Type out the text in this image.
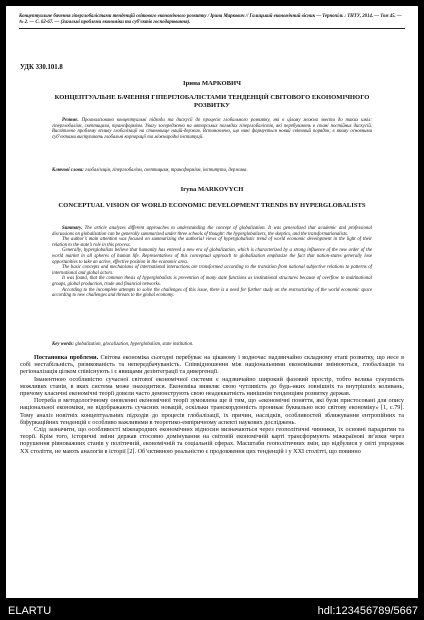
Концептуальне бачення гіперглобалістами тенденцій світового економічного розвитку / Ірина Маркович // Галицький економічний вісник — Тернопіль : ТНТУ, 2014. — Том 45. — № 2. — С. 62-67. — (Загальні проблеми економіки та суб’єктів господарювання).
УДК 330.101.8
Ірина МАРКОВИЧ
КОНЦЕПТУАЛЬНЕ БАЧЕННЯ ГІПЕРГЛОБАЛІСТАМИ ТЕНДЕНЦІЙ СВІТОВОГО ЕКОНОМІЧНОГО РОЗВИТКУ

Резюме. Проаналізовано концептуальні підходи та дискусії до процесів глобального розвитку, які в цілому можна звести до таких шкіл: гіперглобалізм, скептицизм, трансформізм. Увагу зосереджено на авторських поглядах гіперглобалістів, які перебувають в стані постійних дискусій. Висвітлено проблему впливу глобалізації на становище націй-держав. Встановлено, що нині формується новий світовий порядок, в якому основними суб’єктами виступають глобальні корпорації та міжнародні інституції.

Ключові слова: глобалізація, гіперглобалізм, скептицизм, трансформізм, інститути, держава.
Iryna MARKOVYCH
CONCEPTUAL VISION OF WORLD ECONOMIC DEVELOPMENT TRENDS BY HYPERGLOBALISTS

Summary. The article analyzes different approaches to understanding the concept of globalization. It was generalized that academic and professional discussions on globalization can be generally summarized under three schools of thought: the hyperglobalizers, the skeptics, and the transformationalists.

The author’s main attention was focused on summarizing the authorial views of hyperglobalistic trend of world economic development in the light of their relation to the state’s role in this process.

Generally, hyperglobalists believe that humanity has entered a new era of globalization, which is characterized by a strong influence of the new order of the world market in all spheres of human life. Representatives of this conceptual approach to globalization emphasize the fact that nation-states generally lose opportunities to take an active, effective position in the economic area.

The basic concepts and mechanisms of international interactions are transformed according to the transition from national subjective relations to patterns of international and global actors.

It was found, that the common thesis of hyperglobalists is prevention of many state functions as institutional structures because of overflow to multinational groups, global production, trade and financial networks.

According to the incomplete attempts to solve the challenges of this issue, there is a need for further study on the restructuring of the world economic space according to new challenges and threats to the global economy.

Key words: globalization, glocalization, hyperglobalism, state institution.

Постановка проблеми. Світова економіка сьогодні перебуває на цікавому і водночас надзвичайно складному етапі розвитку, що несе в собі нестабільність, ризикованість та непередбачуваність. Співвідношення між національними економіками змінюються, глобалізація та регіоналізація цілком співіснують і є явищами дезінтеграції та дивергенції.

Іманентною особливістю сучасної світової економічної системи є надзвичайно широкий фазовий простір, тобто велика сукупність можливих станів, в яких система може знаходитися. Економіка виявляє свою чутливість до будь-яких зовнішніх та внутрішніх коливань, причому класичні економічні теорії довели часто демонструють свою неадекватність нинішнім тенденціям розвитку держав.

Потреба в методологічному оновленні економічної теорії зумовлена ще й тим, що «економічні поняття, які були пристосовані для опису національної економіки, не відображають сучасних новацій, оскільки транскордонність проникає буквально всю світову економіку» [1, с.79]. Тому аналіз новітніх концептуальних підходів до процесів глобалізації, їх причин, наслідків, особливостей зближування ентропійних та біфуркаційних тенденцій є особливо важливими в теоретико-емпіричному аспекті наукових досліджень.

Слід зазначити, що особливості міжнародних економічних відносин визначаються через геополітичні чинники, їх основні парадигми та теорії. Крім того, історичні зміни держав стосовно домінування на світовій економічній карті трансформують міжкраїнові зв’язки через порушення рівноважних станів у політичній, економічній та соціальній сферах. Масштаби геополітичних змін, що відбулися у світі упродовж XX століття, не мають аналогів в історії [2]. Об’єктивною реальністю є продовження цих тенденцій і у XXI столітті, що повинно

ELARTU	hdl:123456789/5667
